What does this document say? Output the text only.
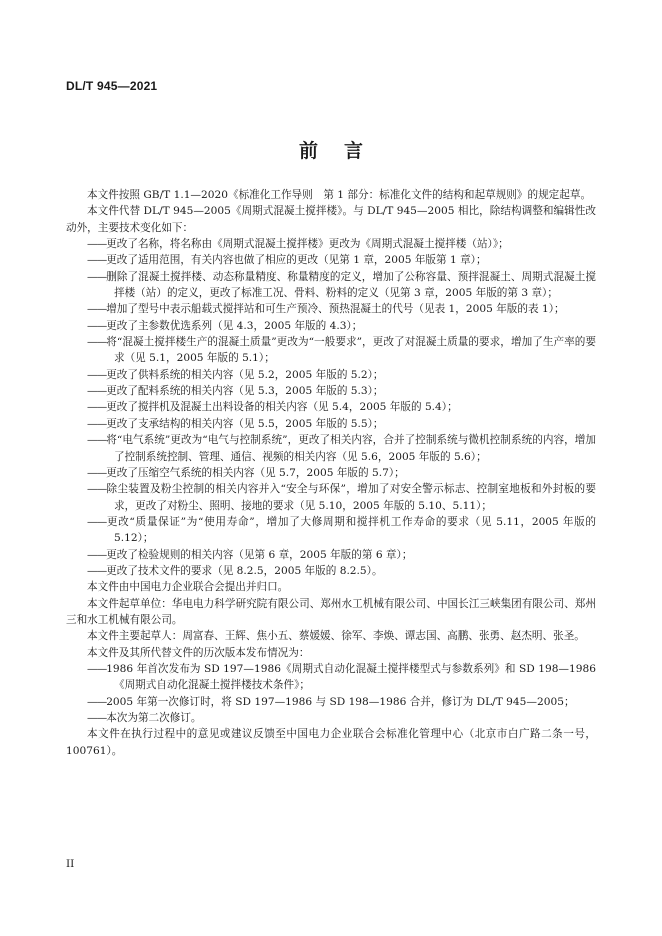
DL/T 945—2021
前言
本文件按照 GB/T 1.1—2020《标准化工作导则　第 1 部分：标准化文件的结构和起草规则》的规定起草。
本文件代替 DL/T 945—2005《周期式混凝土搅拌楼》。与 DL/T 945—2005 相比，除结构调整和编辑性改动外，主要技术变化如下：
——更改了名称，将名称由《周期式混凝土搅拌楼》更改为《周期式混凝土搅拌楼（站）》；
——更改了适用范围，有关内容也做了相应的更改（见第 1 章，2005 年版第 1 章）；
——删除了混凝土搅拌楼、动态称量精度、称量精度的定义，增加了公称容量、预拌混凝土、周期式混凝土搅拌楼（站）的定义，更改了标准工况、骨料、粉料的定义（见第 3 章，2005 年版的第 3 章）；
——增加了型号中表示船载式搅拌站和可生产预冷、预热混凝土的代号（见表 1，2005 年版的表 1）；
——更改了主参数优选系列（见 4.3，2005 年版的 4.3）；
——将“混凝土搅拌楼生产的混凝土质量”更改为“一般要求”，更改了对混凝土质量的要求，增加了生产率的要求（见 5.1，2005 年版的 5.1）；
——更改了供料系统的相关内容（见 5.2，2005 年版的 5.2）；
——更改了配料系统的相关内容（见 5.3，2005 年版的 5.3）；
——更改了搅拌机及混凝土出料设备的相关内容（见 5.4，2005 年版的 5.4）；
——更改了支承结构的相关内容（见 5.5，2005 年版的 5.5）；
——将“电气系统”更改为“电气与控制系统”，更改了相关内容，合并了控制系统与微机控制系统的内容，增加了控制系统控制、管理、通信、视频的相关内容（见 5.6，2005 年版的 5.6）；
——更改了压缩空气系统的相关内容（见 5.7，2005 年版的 5.7）；
——除尘装置及粉尘控制的相关内容并入“安全与环保”，增加了对安全警示标志、控制室地板和外封板的要求，更改了对粉尘、照明、接地的要求（见 5.10，2005 年版的 5.10、5.11）；
——更改“质量保证”为“使用寿命”，增加了大修周期和搅拌机工作寿命的要求（见 5.11，2005 年版的 5.12）；
——更改了检验规则的相关内容（见第 6 章，2005 年版的第 6 章）；
——更改了技术文件的要求（见 8.2.5，2005 年版的 8.2.5）。
本文件由中国电力企业联合会提出并归口。
本文件起草单位：华电电力科学研究院有限公司、郑州水工机械有限公司、中国长江三峡集团有限公司、郑州三和水工机械有限公司。
本文件主要起草人：周富春、王辉、焦小五、蔡媛媛、徐军、李焕、谭志国、高鹏、张勇、赵杰明、张圣。
本文件及其所代替文件的历次版本发布情况为：
——1986 年首次发布为 SD 197—1986《周期式自动化混凝土搅拌楼型式与参数系列》和 SD 198—1986《周期式自动化混凝土搅拌楼技术条件》；
——2005 年第一次修订时，将 SD 197—1986 与 SD 198—1986 合并，修订为 DL/T 945—2005；
——本次为第二次修订。
本文件在执行过程中的意见或建议反馈至中国电力企业联合会标准化管理中心（北京市白广路二条一号，100761）。
II
